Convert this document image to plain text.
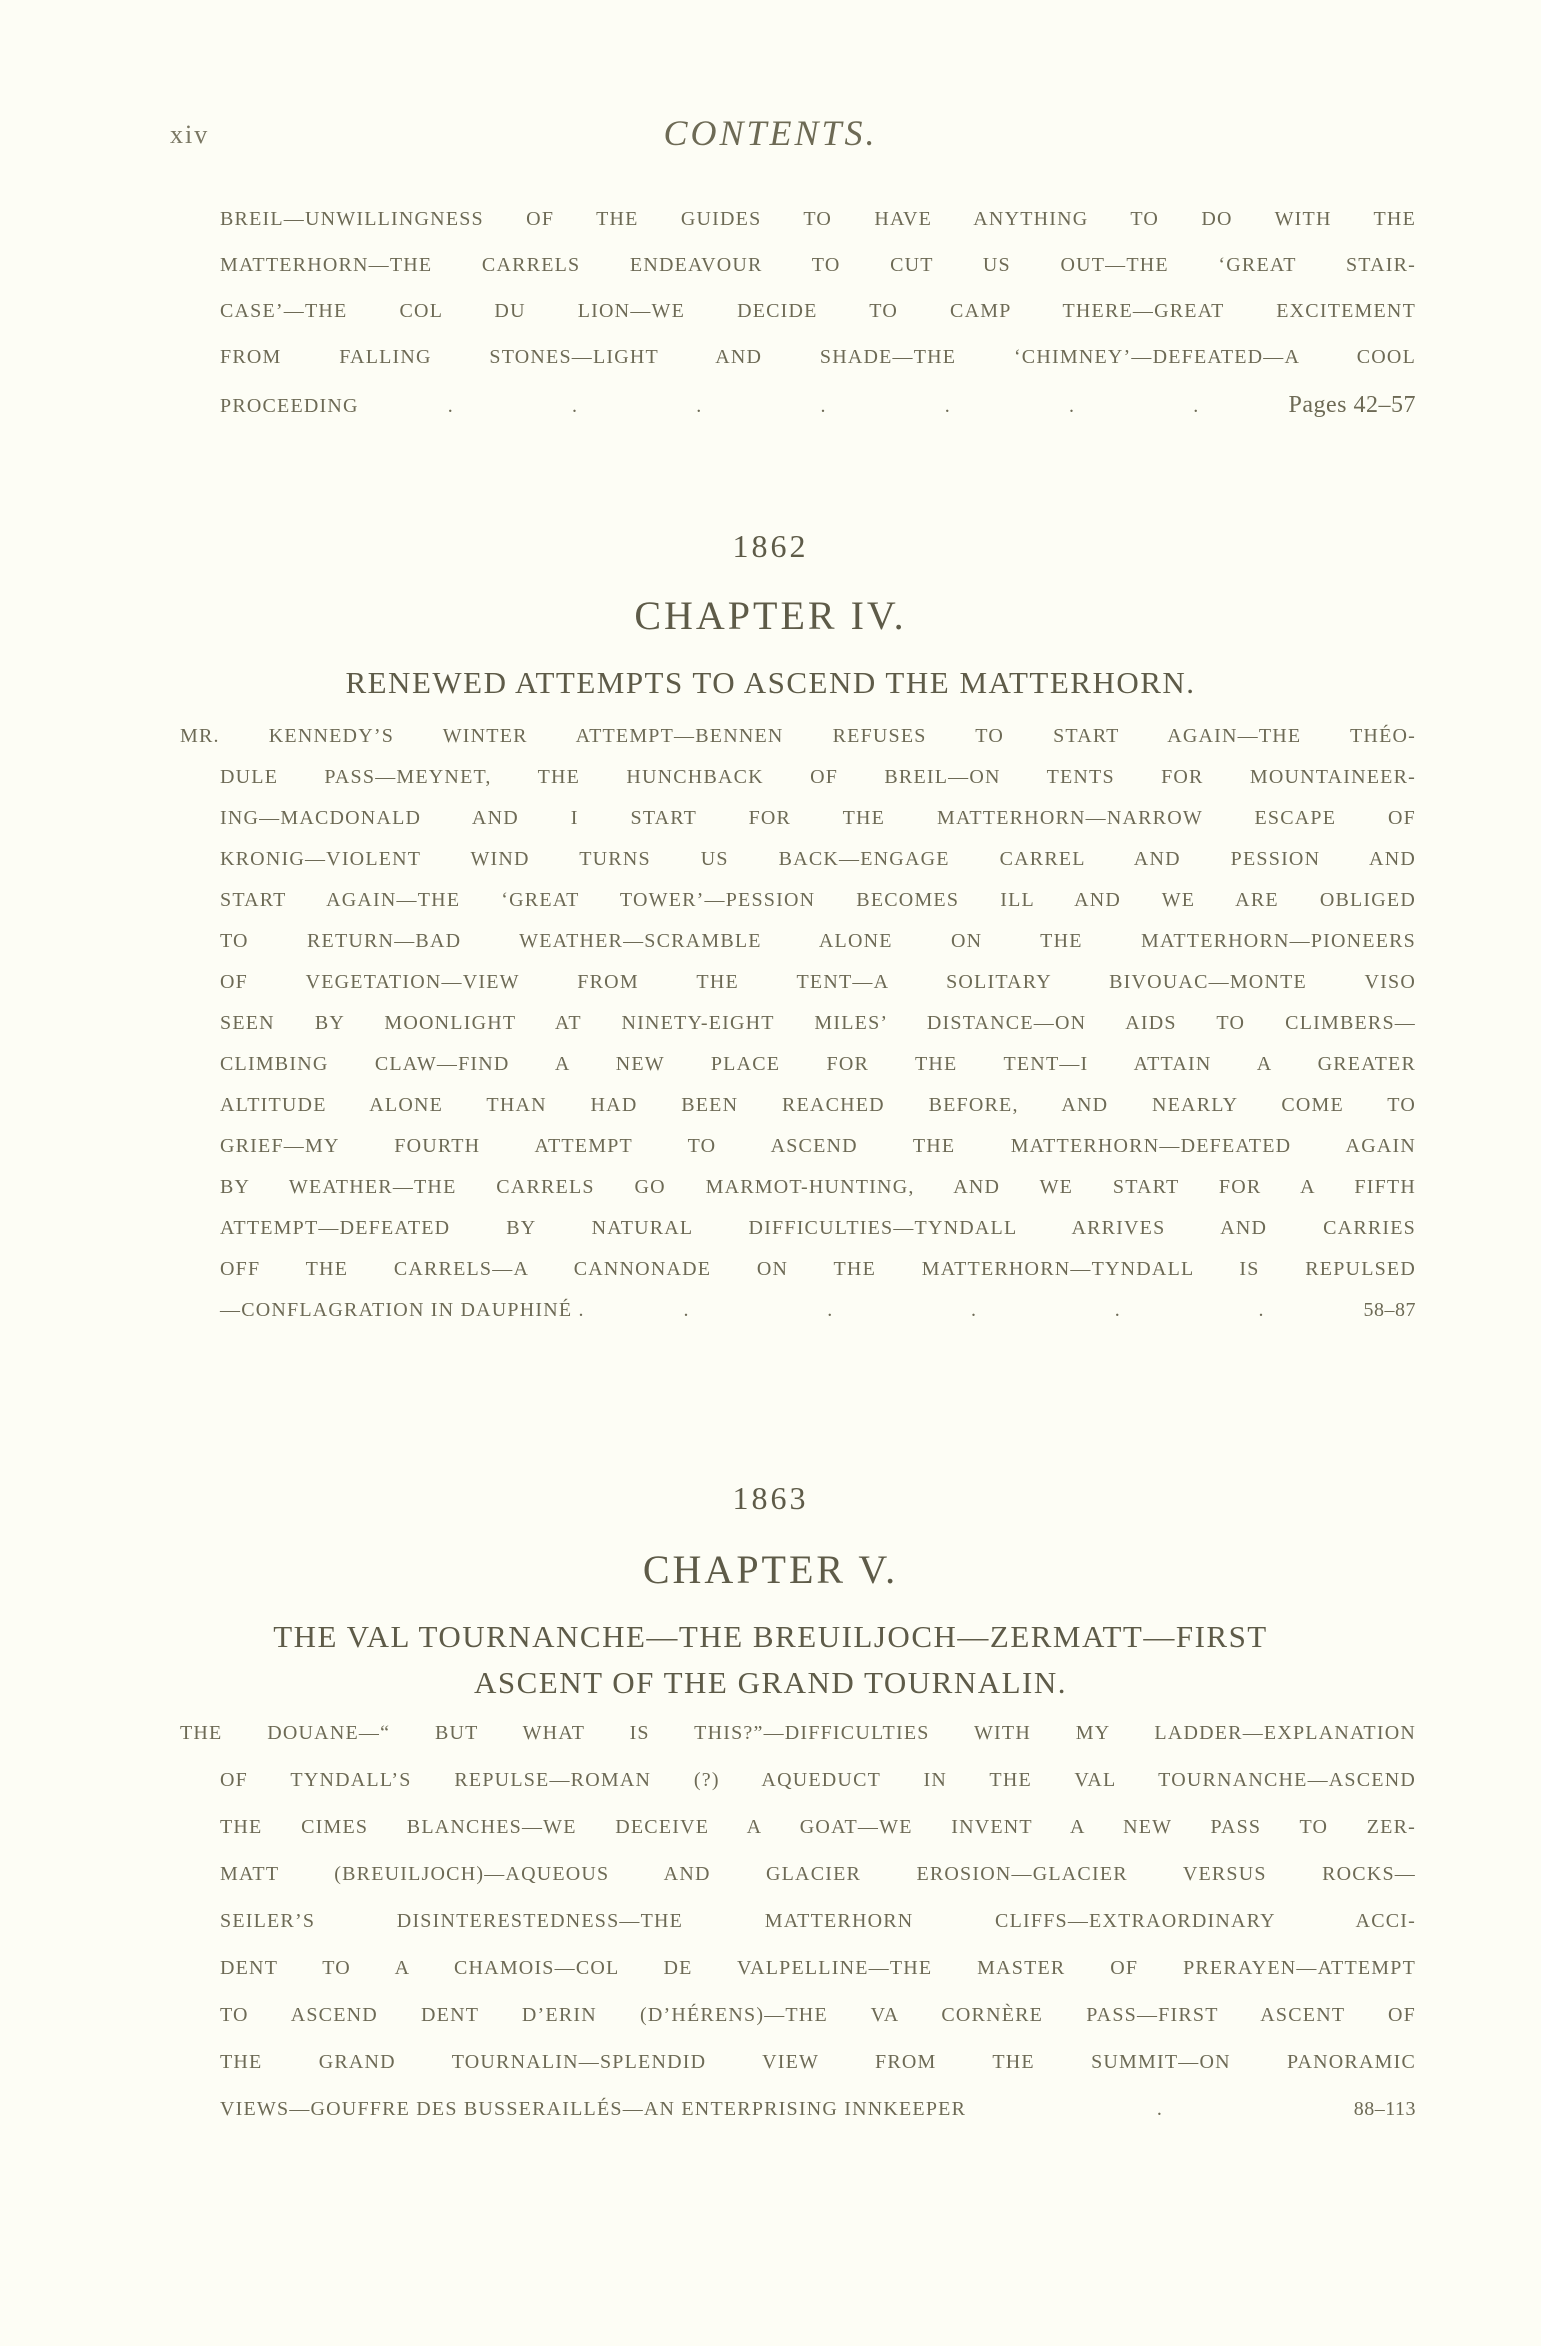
xiv	CONTENTS.
BREIL—UNWILLINGNESS OF THE GUIDES TO HAVE ANYTHING TO DO WITH THE
MATTERHORN—THE CARRELS ENDEAVOUR TO CUT US OUT—THE ‘GREAT STAIR-
CASE’—THE COL DU LION—WE DECIDE TO CAMP THERE—GREAT EXCITEMENT
FROM FALLING STONES—LIGHT AND SHADE—THE ‘CHIMNEY’—DEFEATED—A COOL
PROCEEDING	.	.	.	.	.	.	.	Pages 42–57
1862
CHAPTER IV.
RENEWED ATTEMPTS TO ASCEND THE MATTERHORN.
MR. KENNEDY’S WINTER ATTEMPT—BENNEN REFUSES TO START AGAIN—THE THÉO-
DULE PASS—MEYNET, THE HUNCHBACK OF BREIL—ON TENTS FOR MOUNTAINEER-
ING—MACDONALD AND I START FOR THE MATTERHORN—NARROW ESCAPE OF
KRONIG—VIOLENT WIND TURNS US BACK—ENGAGE CARREL AND PESSION AND
START AGAIN—THE ‘GREAT TOWER’—PESSION BECOMES ILL AND WE ARE OBLIGED
TO RETURN—BAD WEATHER—SCRAMBLE ALONE ON THE MATTERHORN—PIONEERS
OF VEGETATION—VIEW FROM THE TENT—A SOLITARY BIVOUAC—MONTE VISO
SEEN BY MOONLIGHT AT NINETY-EIGHT MILES’ DISTANCE—ON AIDS TO CLIMBERS—
CLIMBING CLAW—FIND A NEW PLACE FOR THE TENT—I ATTAIN A GREATER
ALTITUDE ALONE THAN HAD BEEN REACHED BEFORE, AND NEARLY COME TO
GRIEF—MY FOURTH ATTEMPT TO ASCEND THE MATTERHORN—DEFEATED AGAIN
BY WEATHER—THE CARRELS GO MARMOT-HUNTING, AND WE START FOR A FIFTH
ATTEMPT—DEFEATED BY NATURAL DIFFICULTIES—TYNDALL ARRIVES AND CARRIES
OFF THE CARRELS—A CANNONADE ON THE MATTERHORN—TYNDALL IS REPULSED
—CONFLAGRATION IN DAUPHINÉ .	.	.	.	.	.	58–87
1863
CHAPTER V.
THE VAL TOURNANCHE—THE BREUILJOCH—ZERMATT—FIRST
ASCENT OF THE GRAND TOURNALIN.
THE DOUANE—“ BUT WHAT IS THIS?”—DIFFICULTIES WITH MY LADDER—EXPLANATION
OF TYNDALL’S REPULSE—ROMAN (?) AQUEDUCT IN THE VAL TOURNANCHE—ASCEND
THE CIMES BLANCHES—WE DECEIVE A GOAT—WE INVENT A NEW PASS TO ZER-
MATT (BREUILJOCH)—AQUEOUS AND GLACIER EROSION—GLACIER VERSUS ROCKS—
SEILER’S DISINTERESTEDNESS—THE MATTERHORN CLIFFS—EXTRAORDINARY ACCI-
DENT TO A CHAMOIS—COL DE VALPELLINE—THE MASTER OF PRERAYEN—ATTEMPT
TO ASCEND DENT D’ERIN (D’HÉRENS)—THE VA CORNÈRE PASS—FIRST ASCENT OF
THE GRAND TOURNALIN—SPLENDID VIEW FROM THE SUMMIT—ON PANORAMIC
VIEWS—GOUFFRE DES BUSSERAILLÉS—AN ENTERPRISING INNKEEPER	.	88–113
